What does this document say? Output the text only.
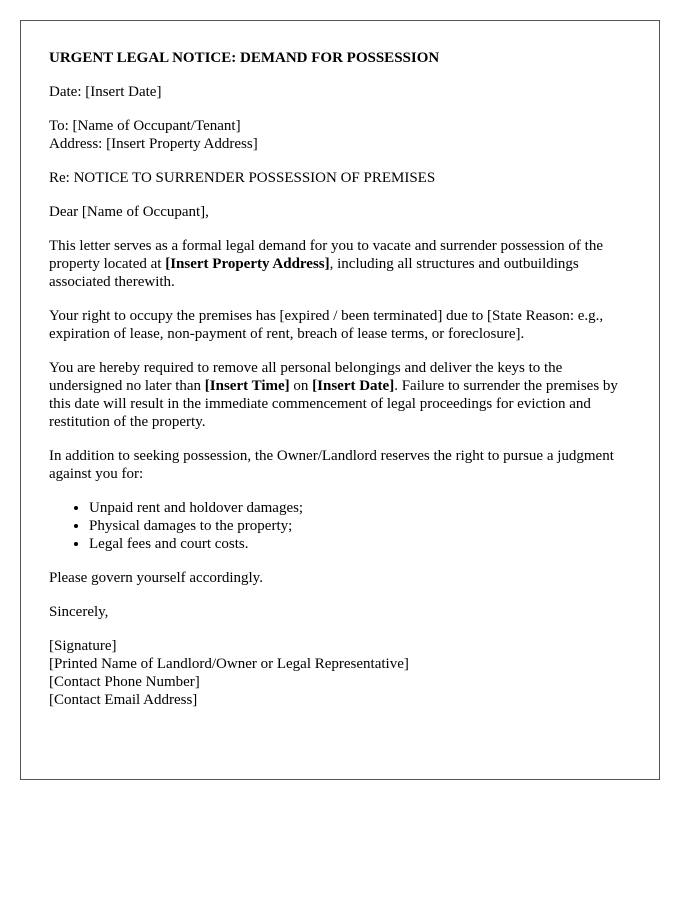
URGENT LEGAL NOTICE: DEMAND FOR POSSESSION

Date: [Insert Date]

To: [Name of Occupant/Tenant]
Address: [Insert Property Address]

Re: NOTICE TO SURRENDER POSSESSION OF PREMISES

Dear [Name of Occupant],

This letter serves as a formal legal demand for you to vacate and surrender possession of the property located at [Insert Property Address], including all structures and outbuildings associated therewith.

Your right to occupy the premises has [expired / been terminated] due to [State Reason: e.g., expiration of lease, non-payment of rent, breach of lease terms, or foreclosure].

You are hereby required to remove all personal belongings and deliver the keys to the undersigned no later than [Insert Time] on [Insert Date]. Failure to surrender the premises by this date will result in the immediate commencement of legal proceedings for eviction and restitution of the property.

In addition to seeking possession, the Owner/Landlord reserves the right to pursue a judgment against you for:

• Unpaid rent and holdover damages;
• Physical damages to the property;
• Legal fees and court costs.

Please govern yourself accordingly.

Sincerely,

[Signature]
[Printed Name of Landlord/Owner or Legal Representative]
[Contact Phone Number]
[Contact Email Address]
